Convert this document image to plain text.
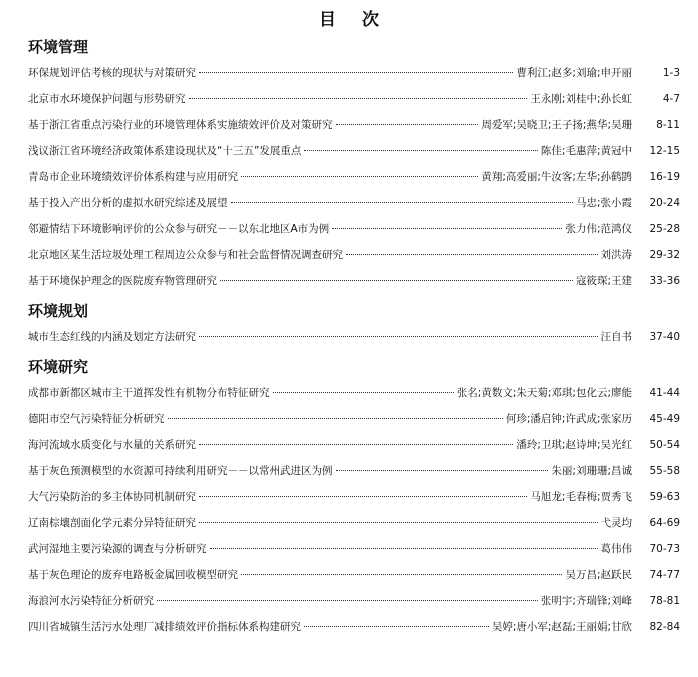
目 次
环境管理
环保规划评估考核的现状与对策研究	曹利江;赵多;刘瑜;申开丽	1-3
北京市水环境保护问题与形势研究	王永刚;刘桂中;孙长虹	4-7
基于浙江省重点污染行业的环境管理体系实施绩效评价及对策研究	周爱军;吴晓卫;王子扬;燕华;吴珊	8-11
浅议浙江省环境经济政策体系建设现状及“十三五”发展重点	陈佳;毛惠萍;黄冠中	12-15
青岛市企业环境绩效评价体系构建与应用研究	黄翔;高爱丽;牛汝客;左华;孙鹤鹍	16-19
基于投入产出分析的虚拟水研究综述及展望	马忠;张小霞	20-24
邻避情结下环境影响评价的公众参与研究－－以东北地区A市为例	张力伟;范鸿仪	25-28
北京地区某生活垃圾处理工程周边公众参与和社会监督情况调查研究	刘洪涛	29-32
基于环境保护理念的医院废弃物管理研究	寇筱琛;王建	33-36
环境规划
城市生态红线的内涵及划定方法研究	汪自书	37-40
环境研究
成都市新都区城市主干道挥发性有机物分布特征研究	张名;黄数文;朱天菊;邓琪;包化云;廖能	41-44
德阳市空气污染特征分析研究	何珍;潘启钟;许武成;张家历	45-49
海河流域水质变化与水量的关系研究	潘玲;卫琪;赵诗坤;吴光红	50-54
基于灰色预测模型的水资源可持续利用研究－－以常州武进区为例	朱丽;刘珊珊;昌诚	55-58
大气污染防治的多主体协同机制研究	马旭龙;毛春梅;贾秀飞	59-63
辽南棕壤剖面化学元素分异特征研究	弋灵均	64-69
武河湿地主要污染源的调查与分析研究	葛伟伟	70-73
基于灰色理论的废弃电路板金属回收模型研究	吴万昌;赵跃民	74-77
海浪河水污染特征分析研究	张明宇;齐瑞锋;刘峰	78-81
四川省城镇生活污水处理厂减排绩效评价指标体系构建研究	吴婷;唐小军;赵磊;王丽娟;甘欣	82-84
